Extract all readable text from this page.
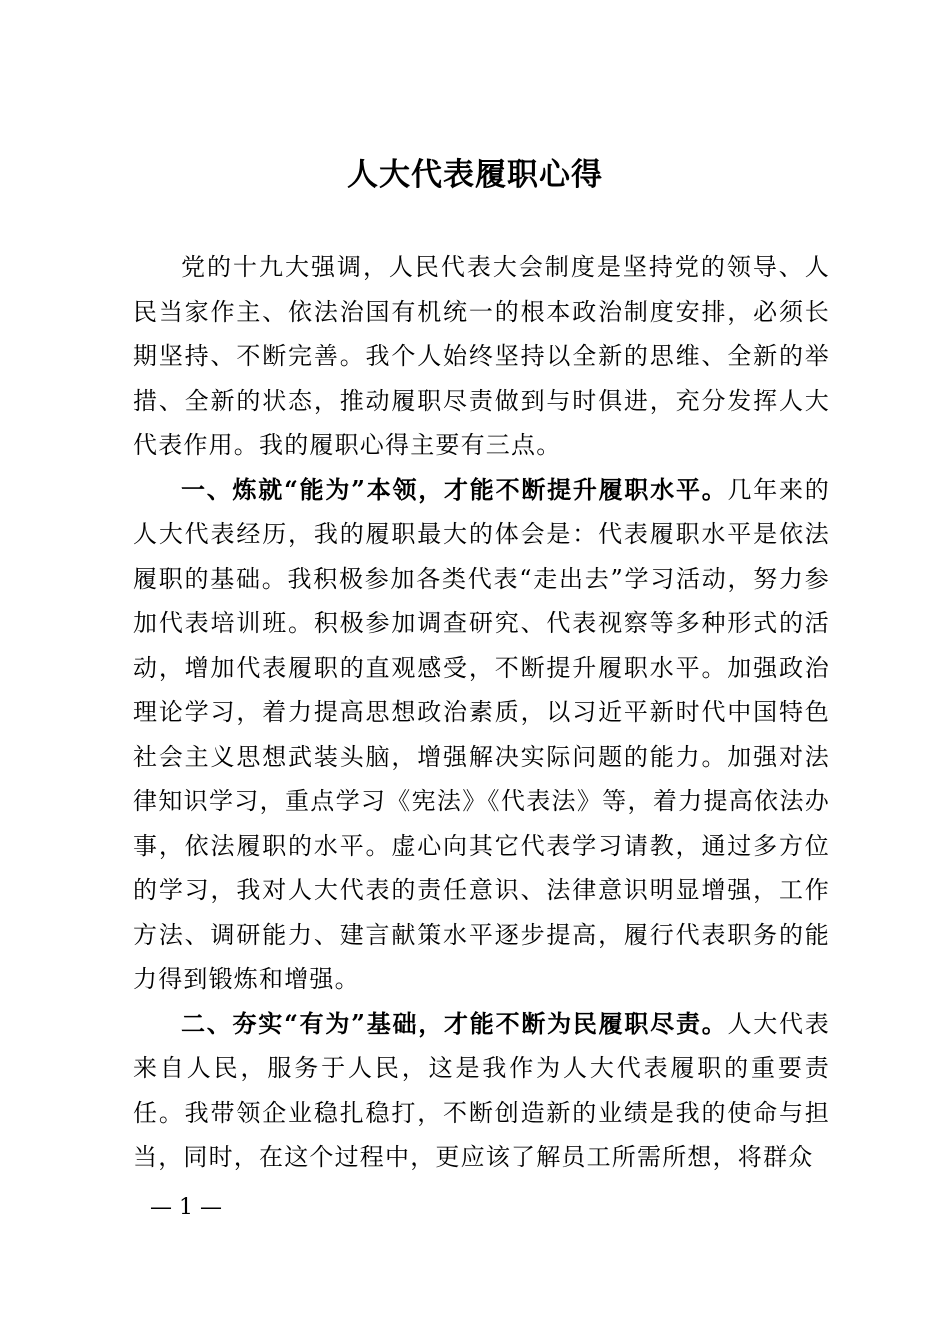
人大代表履职心得

党的十九大强调，人民代表大会制度是坚持党的领导、人民当家作主、依法治国有机统一的根本政治制度安排，必须长期坚持、不断完善。我个人始终坚持以全新的思维、全新的举措、全新的状态，推动履职尽责做到与时俱进，充分发挥人大代表作用。我的履职心得主要有三点。

一、炼就“能为”本领，才能不断提升履职水平。几年来的人大代表经历，我的履职最大的体会是：代表履职水平是依法履职的基础。我积极参加各类代表“走出去”学习活动，努力参加代表培训班。积极参加调查研究、代表视察等多种形式的活动，增加代表履职的直观感受，不断提升履职水平。加强政治理论学习，着力提高思想政治素质，以习近平新时代中国特色社会主义思想武装头脑，增强解决实际问题的能力。加强对法律知识学习，重点学习《宪法》《代表法》等，着力提高依法办事，依法履职的水平。虚心向其它代表学习请教，通过多方位的学习，我对人大代表的责任意识、法律意识明显增强，工作方法、调研能力、建言献策水平逐步提高，履行代表职务的能力得到锻炼和增强。

二、夯实“有为”基础，才能不断为民履职尽责。人大代表来自人民，服务于人民，这是我作为人大代表履职的重要责任。我带领企业稳扎稳打，不断创造新的业绩是我的使命与担当，同时，在这个过程中，更应该了解员工所需所想，将群众

— 1 —
